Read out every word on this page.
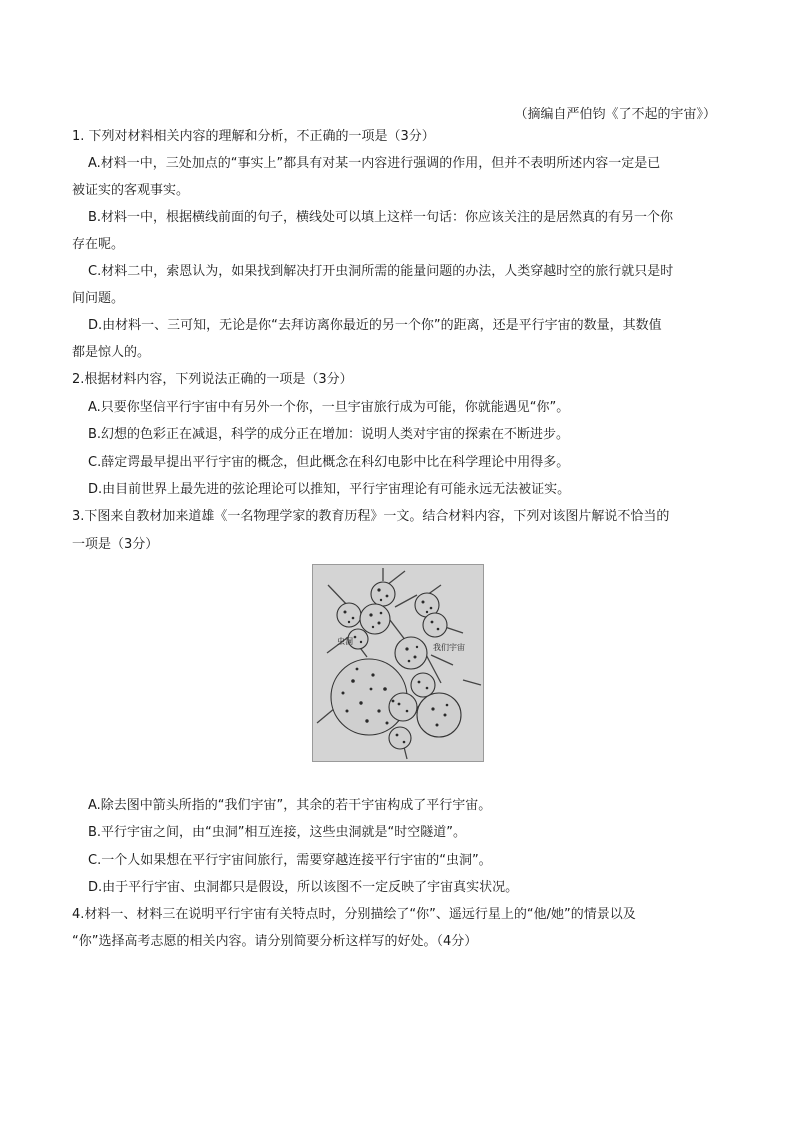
（摘编自严伯钧《了不起的宇宙》）
1. 下列对材料相关内容的理解和分析，不正确的一项是（3分）
A.材料一中，三处加点的“事实上”都具有对某一内容进行强调的作用，但并不表明所述内容一定是已
被证实的客观事实。
B.材料一中，根据横线前面的句子，横线处可以填上这样一句话：你应该关注的是居然真的有另一个你
存在呢。
C.材料二中，索恩认为，如果找到解决打开虫洞所需的能量问题的办法，人类穿越时空的旅行就只是时
间问题。
D.由材料一、三可知，无论是你“去拜访离你最近的另一个你”的距离，还是平行宇宙的数量，其数值
都是惊人的。
2.根据材料内容，下列说法正确的一项是（3分）
A.只要你坚信平行宇宙中有另外一个你，一旦宇宙旅行成为可能，你就能遇见“你”。
B.幻想的色彩正在减退，科学的成分正在增加：说明人类对宇宙的探索在不断进步。
C.薛定谔最早提出平行宇宙的概念，但此概念在科幻电影中比在科学理论中用得多。
D.由目前世界上最先进的弦论理论可以推知，平行宇宙理论有可能永远无法被证实。
3.下图来自教材加来道雄《一名物理学家的教育历程》一文。结合材料内容，下列对该图片解说不恰当的
一项是（3分）
虫洞
我们宇宙
A.除去图中箭头所指的“我们宇宙”，其余的若干宇宙构成了平行宇宙。
B.平行宇宙之间，由“虫洞”相互连接，这些虫洞就是“时空隧道”。
C.一个人如果想在平行宇宙间旅行，需要穿越连接平行宇宙的“虫洞”。
D.由于平行宇宙、虫洞都只是假设，所以该图不一定反映了宇宙真实状况。
4.材料一、材料三在说明平行宇宙有关特点时，分别描绘了“你”、遥远行星上的“他/她”的情景以及
“你”选择高考志愿的相关内容。请分别简要分析这样写的好处。（4分）
